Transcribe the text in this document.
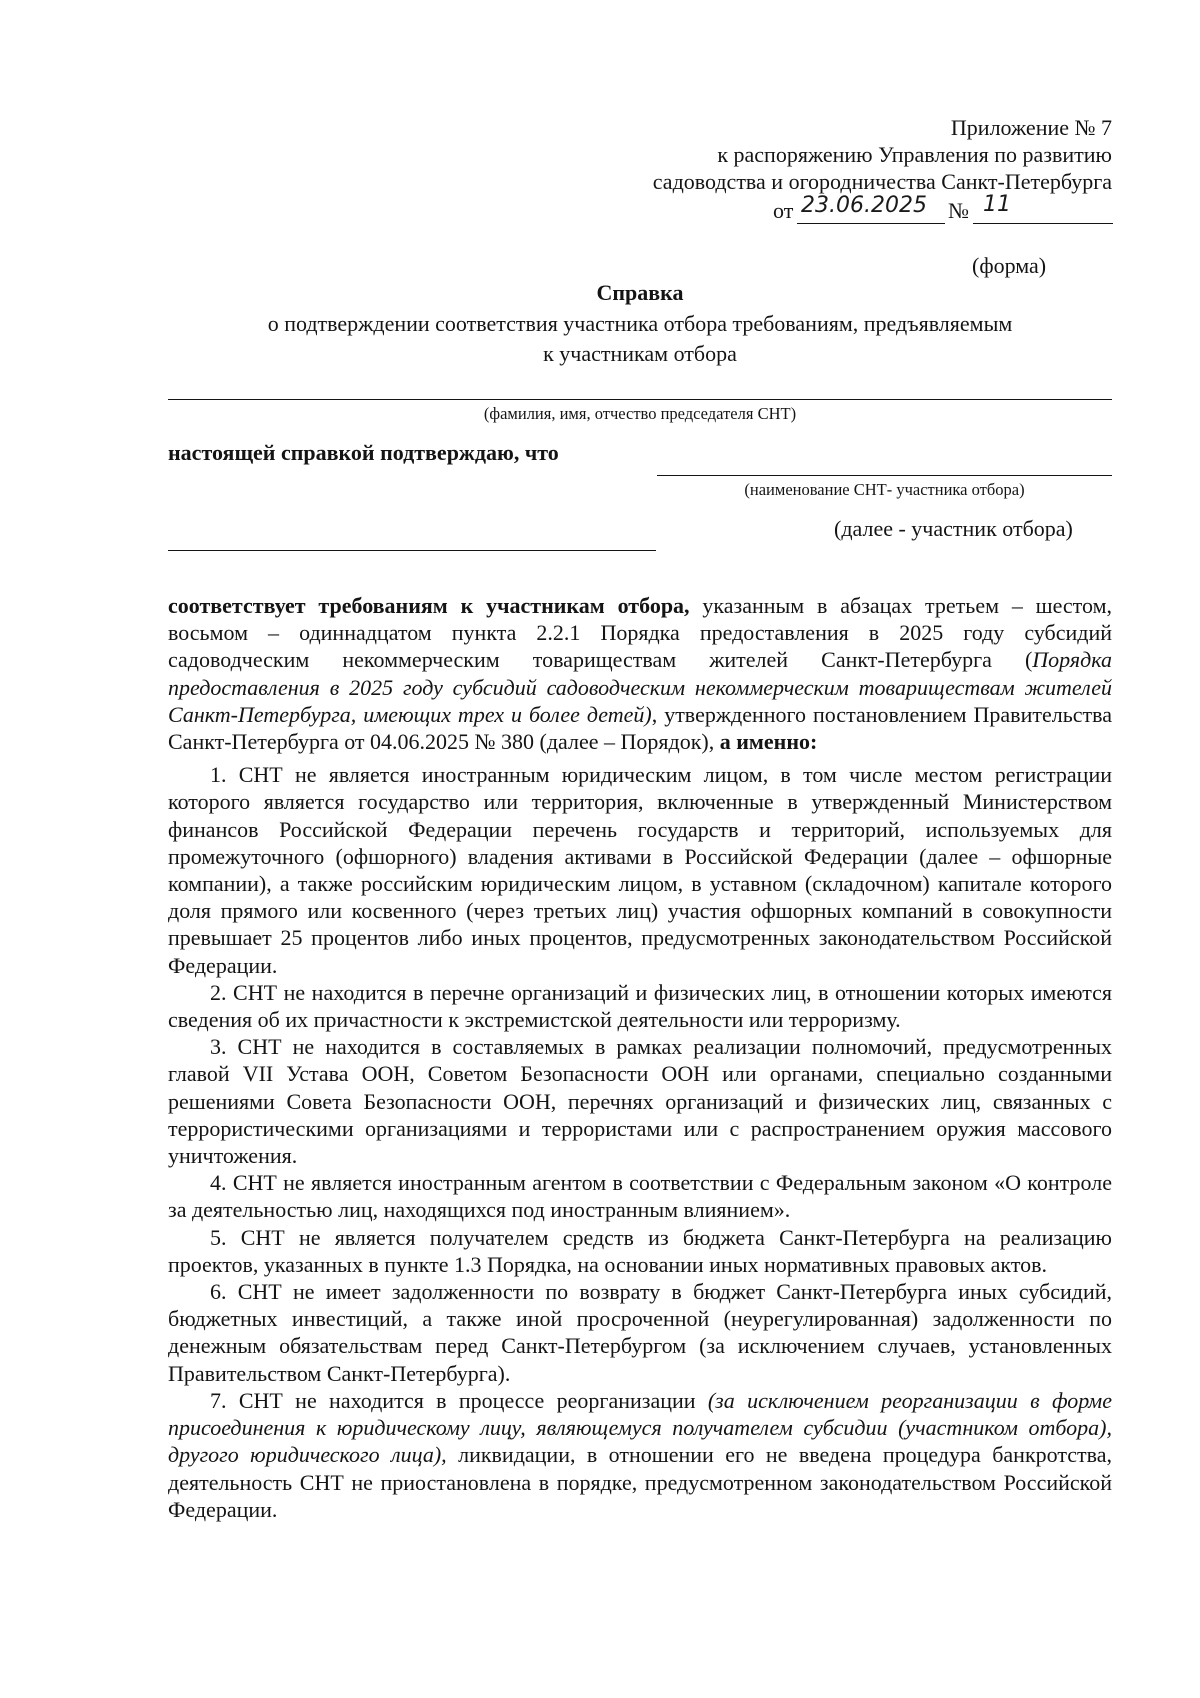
Приложение № 7
к распоряжению Управления по развитию
садоводства и огородничества Санкт-Петербурга
от 23.06.2025 № 11
(форма)
Справка
о подтверждении соответствия участника отбора требованиям, предъявляемым
к участникам отбора
(фамилия, имя, отчество председателя СНТ)
настоящей справкой подтверждаю, что
(наименование СНТ- участника отбора)
(далее - участник отбора)

соответствует требованиям к участникам отбора, указанным в абзацах третьем – шестом, восьмом – одиннадцатом пункта 2.2.1 Порядка предоставления в 2025 году субсидий садоводческим некоммерческим товариществам жителей Санкт-Петербурга (Порядка предоставления в 2025 году субсидий садоводческим некоммерческим товариществам жителей Санкт-Петербурга, имеющих трех и более детей), утвержденного постановлением Правительства Санкт-Петербурга от 04.06.2025 № 380 (далее – Порядок), а именно:

1. СНТ не является иностранным юридическим лицом, в том числе местом регистрации которого является государство или территория, включенные в утвержденный Министерством финансов Российской Федерации перечень государств и территорий, используемых для промежуточного (офшорного) владения активами в Российской Федерации (далее – офшорные компании), а также российским юридическим лицом, в уставном (складочном) капитале которого доля прямого или косвенного (через третьих лиц) участия офшорных компаний в совокупности превышает 25 процентов либо иных процентов, предусмотренных законодательством Российской Федерации.

2. СНТ не находится в перечне организаций и физических лиц, в отношении которых имеются сведения об их причастности к экстремистской деятельности или терроризму.

3. СНТ не находится в составляемых в рамках реализации полномочий, предусмотренных главой VII Устава ООН, Советом Безопасности ООН или органами, специально созданными решениями Совета Безопасности ООН, перечнях организаций и физических лиц, связанных с террористическими организациями и террористами или с распространением оружия массового уничтожения.

4. СНТ не является иностранным агентом в соответствии с Федеральным законом «О контроле за деятельностью лиц, находящихся под иностранным влиянием».

5. СНТ не является получателем средств из бюджета Санкт-Петербурга на реализацию проектов, указанных в пункте 1.3 Порядка, на основании иных нормативных правовых актов.

6. СНТ не имеет задолженности по возврату в бюджет Санкт-Петербурга иных субсидий, бюджетных инвестиций, а также иной просроченной (неурегулированная) задолженности по денежным обязательствам перед Санкт-Петербургом (за исключением случаев, установленных Правительством Санкт-Петербурга).

7. СНТ не находится в процессе реорганизации (за исключением реорганизации в форме присоединения к юридическому лицу, являющемуся получателем субсидии (участником отбора), другого юридического лица), ликвидации, в отношении его не введена процедура банкротства, деятельность СНТ не приостановлена в порядке, предусмотренном законодательством Российской Федерации.
